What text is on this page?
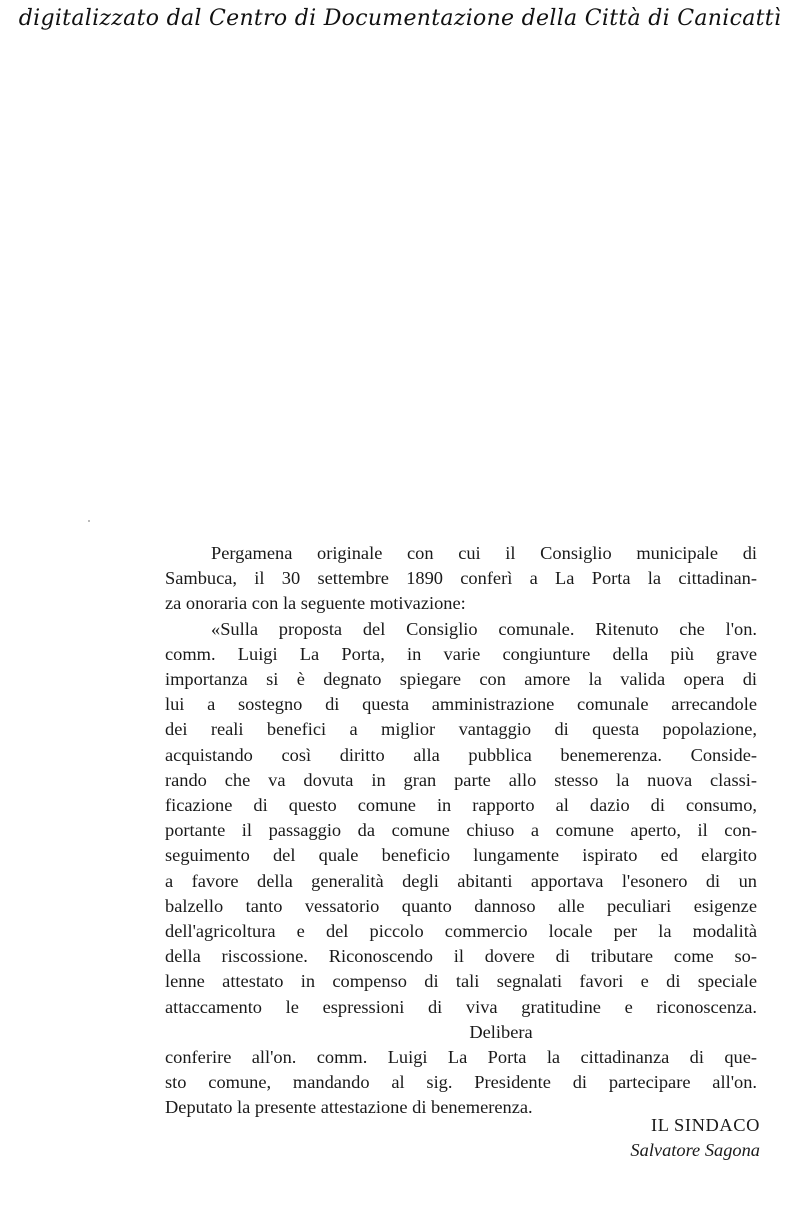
digitalizzato dal Centro di Documentazione della Città di Canicattì
Pergamena originale con cui il Consiglio municipale di
Sambuca, il 30 settembre 1890 conferì a La Porta la cittadinan-
za onoraria con la seguente motivazione:
«Sulla proposta del Consiglio comunale. Ritenuto che l'on.
comm. Luigi La Porta, in varie congiunture della più grave
importanza si è degnato spiegare con amore la valida opera di
lui a sostegno di questa amministrazione comunale arrecandole
dei reali benefici a miglior vantaggio di questa popolazione,
acquistando così diritto alla pubblica benemerenza. Conside-
rando che va dovuta in gran parte allo stesso la nuova classi-
ficazione di questo comune in rapporto al dazio di consumo,
portante il passaggio da comune chiuso a comune aperto, il con-
seguimento del quale beneficio lungamente ispirato ed elargito
a favore della generalità degli abitanti apportava l'esonero di un
balzello tanto vessatorio quanto dannoso alle peculiari esigenze
dell'agricoltura e del piccolo commercio locale per la modalità
della riscossione. Riconoscendo il dovere di tributare come so-
lenne attestato in compenso di tali segnalati favori e di speciale
attaccamento le espressioni di viva gratitudine e riconoscenza.
Delibera
conferire all'on. comm. Luigi La Porta la cittadinanza di que-
sto comune, mandando al sig. Presidente di partecipare all'on.
Deputato la presente attestazione di benemerenza.
IL SINDACO
Salvatore Sagona
